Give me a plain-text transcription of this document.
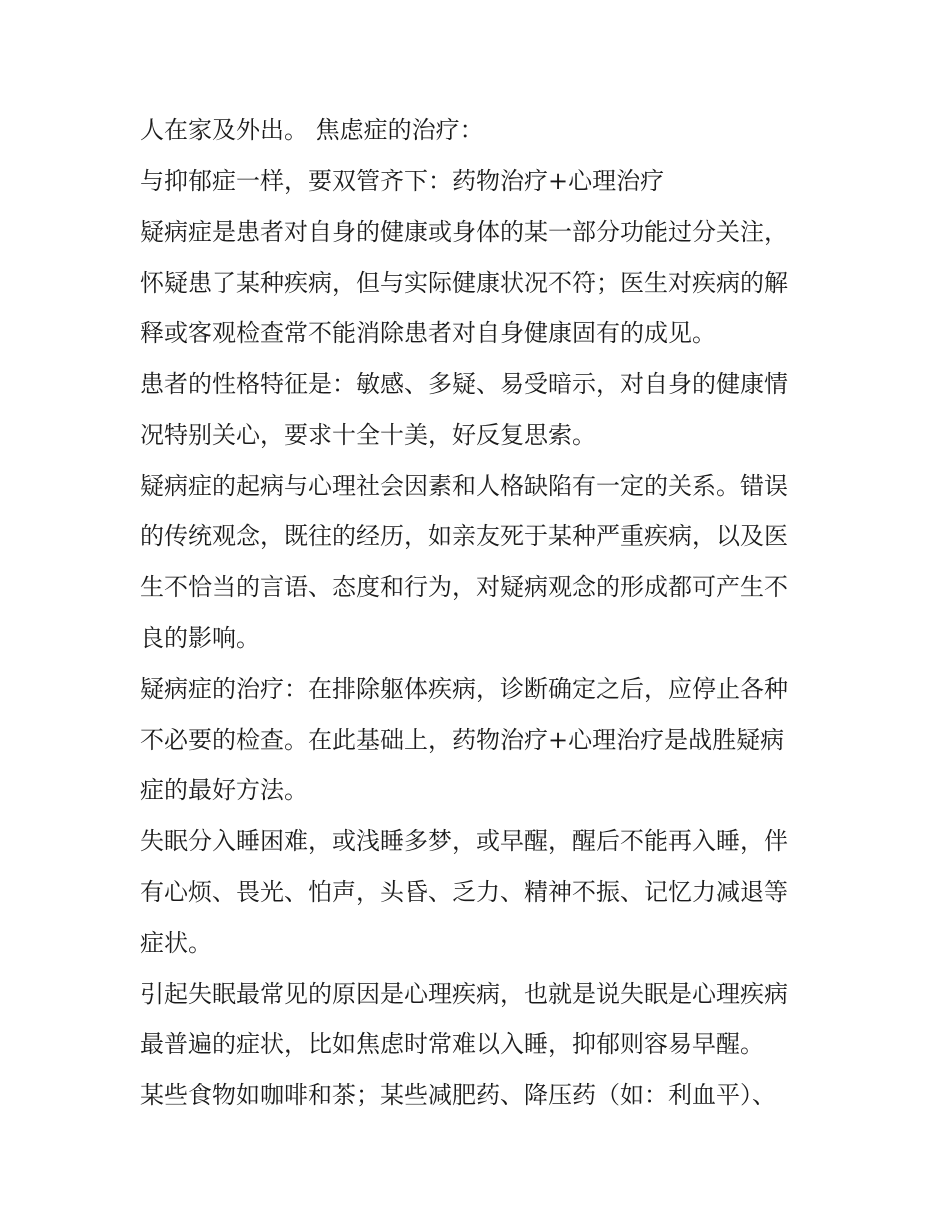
人在家及外出。 焦虑症的治疗：

与抑郁症一样，要双管齐下：药物治疗+心理治疗

疑病症是患者对自身的健康或身体的某一部分功能过分关注，

怀疑患了某种疾病，但与实际健康状况不符；医生对疾病的解

释或客观检查常不能消除患者对自身健康固有的成见。

患者的性格特征是：敏感、多疑、易受暗示，对自身的健康情

况特别关心，要求十全十美，好反复思索。

疑病症的起病与心理社会因素和人格缺陷有一定的关系。错误

的传统观念，既往的经历，如亲友死于某种严重疾病，以及医

生不恰当的言语、态度和行为，对疑病观念的形成都可产生不

良的影响。

疑病症的治疗：在排除躯体疾病，诊断确定之后，应停止各种

不必要的检查。在此基础上，药物治疗+心理治疗是战胜疑病

症的最好方法。

失眠分入睡困难，或浅睡多梦，或早醒，醒后不能再入睡，伴

有心烦、畏光、怕声，头昏、乏力、精神不振、记忆力减退等

症状。

引起失眠最常见的原因是心理疾病，也就是说失眠是心理疾病

最普遍的症状，比如焦虑时常难以入睡，抑郁则容易早醒。

某些食物如咖啡和茶；某些减肥药、降压药（如：利血平）、
